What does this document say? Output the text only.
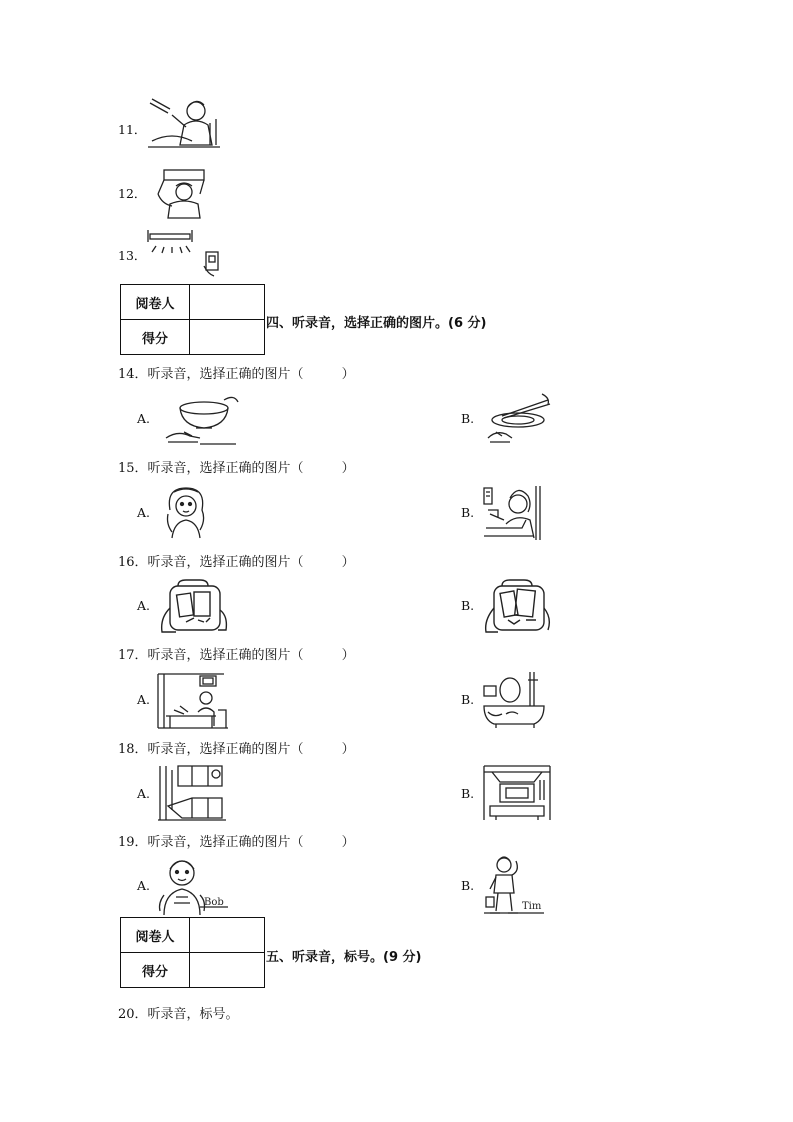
11．
12．
13．
阅卷人	
得分	
四、听录音，选择正确的图片。(6 分)
14．听录音，选择正确的图片（	）
A.	B.
15．听录音，选择正确的图片（	）
A.	B.
16．听录音，选择正确的图片（	）
A.	B.
17．听录音，选择正确的图片（	）
A.	B.
18．听录音，选择正确的图片（	）
A.	B.
19．听录音，选择正确的图片（	）
A.
Bob
B.
Tim
阅卷人	
得分	
五、听录音，标号。(9 分)
20．听录音，标号。
